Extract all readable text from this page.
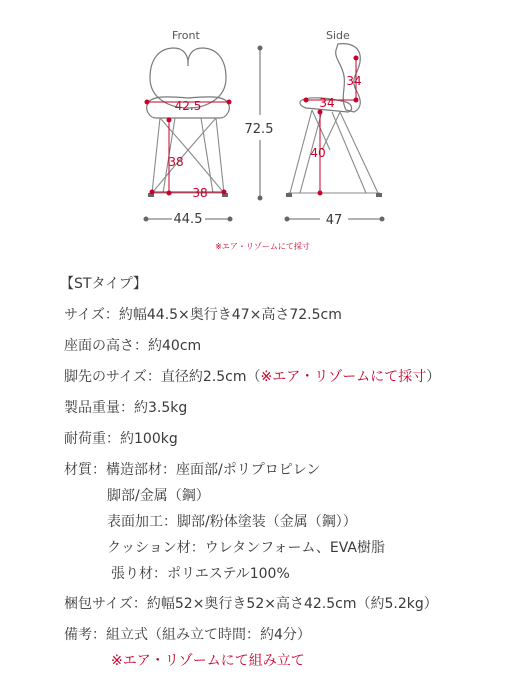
42.5
38
38
44.5
72.5
34
34
40
47
Front	Side
※エア・リゾームにて採寸
【STタイプ】
サイズ：約幅44.5×奥行き47×高さ72.5cm
座面の高さ：約40cm
脚先のサイズ：直径約2.5cm（※エア・リゾームにて採寸）
製品重量：約3.5kg
耐荷重：約100kg
材質：構造部材：座面部/ポリプロピレン
脚部/金属（鋼）
表面加工：脚部/粉体塗装（金属（鋼））
クッション材：ウレタンフォーム、EVA樹脂
張り材：ポリエステル100%
梱包サイズ：約幅52×奥行き52×高さ42.5cm（約5.2kg）
備考：組立式（組み立て時間：約4分）
※エア・リゾームにて組み立て
